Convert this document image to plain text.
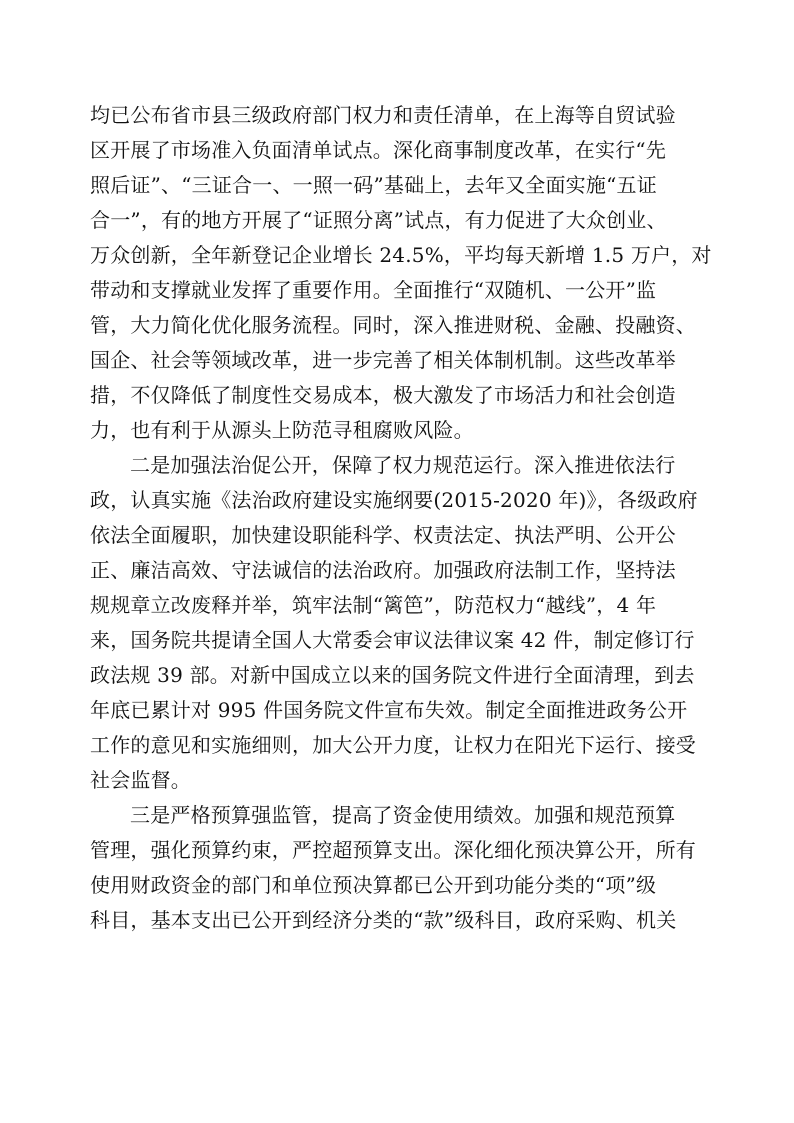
均已公布省市县三级政府部门权力和责任清单，在上海等自贸试验
区开展了市场准入负面清单试点。深化商事制度改革，在实行“先
照后证”、“三证合一、一照一码”基础上，去年又全面实施“五证
合一”，有的地方开展了“证照分离”试点，有力促进了大众创业、
万众创新，全年新登记企业增长 24.5%，平均每天新增 1.5 万户，对
带动和支撑就业发挥了重要作用。全面推行“双随机、一公开”监
管，大力简化优化服务流程。同时，深入推进财税、金融、投融资、
国企、社会等领域改革，进一步完善了相关体制机制。这些改革举
措，不仅降低了制度性交易成本，极大激发了市场活力和社会创造
力，也有利于从源头上防范寻租腐败风险。
二是加强法治促公开，保障了权力规范运行。深入推进依法行
政，认真实施《法治政府建设实施纲要(2015-2020 年)》，各级政府
依法全面履职，加快建设职能科学、权责法定、执法严明、公开公
正、廉洁高效、守法诚信的法治政府。加强政府法制工作，坚持法
规规章立改废释并举，筑牢法制“篱笆”，防范权力“越线”，4 年
来，国务院共提请全国人大常委会审议法律议案 42 件，制定修订行
政法规 39 部。对新中国成立以来的国务院文件进行全面清理，到去
年底已累计对 995 件国务院文件宣布失效。制定全面推进政务公开
工作的意见和实施细则，加大公开力度，让权力在阳光下运行、接受
社会监督。
三是严格预算强监管，提高了资金使用绩效。加强和规范预算
管理，强化预算约束，严控超预算支出。深化细化预决算公开，所有
使用财政资金的部门和单位预决算都已公开到功能分类的“项”级
科目，基本支出已公开到经济分类的“款”级科目，政府采购、机关
